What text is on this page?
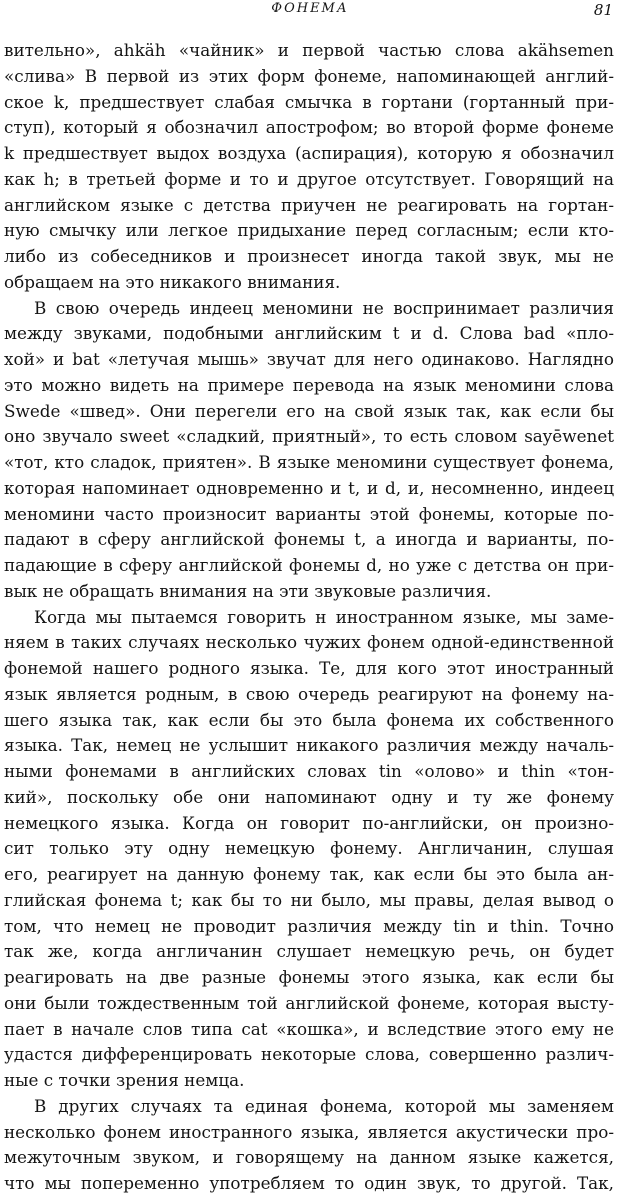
ФОНЕМА	81
вительно», ahkäh «чайник» и первой частью слова akähsemen
«слива» В первой из этих форм фонеме, напоминающей англий-
ское k, предшествует слабая смычка в гортани (гортанный при-
ступ), который я обозначил апострофом; во второй форме фонеме
k предшествует выдох воздуха (аспирация), которую я обозначил
как h; в третьей форме и то и другое отсутствует. Говорящий на
английском языке с детства приучен не реагировать на гортан-
ную смычку или легкое придыхание перед согласным; если кто-
либо из собеседников и произнесет иногда такой звук, мы не
обращаем на это никакого внимания.
В свою очередь индеец меномини не воспринимает различия
между звуками, подобными английским t и d. Слова bad «пло-
хой» и bat «летучая мышь» звучат для него одинаково. Наглядно
это можно видеть на примере перевода на язык меномини слова
Swede «швед». Они перегели его на свой язык так, как если бы
оно звучало sweet «сладкий, приятный», то есть словом sayēwenet
«тот, кто сладок, приятен». В языке меномини существует фонема,
которая напоминает одновременно и t, и d, и, несомненно, индеец
меномини часто произносит варианты этой фонемы, которые по-
падают в сферу английской фонемы t, а иногда и варианты, по-
падающие в сферу английской фонемы d, но уже с детства он при-
вык не обращать внимания на эти звуковые различия.
Когда мы пытаемся говорить н иностранном языке, мы заме-
няем в таких случаях несколько чужих фонем одной-единственной
фонемой нашего родного языка. Те, для кого этот иностранный
язык является родным, в свою очередь реагируют на фонему на-
шего языка так, как если бы это была фонема их собственного
языка. Так, немец не услышит никакого различия между началь-
ными фонемами в английских словах tin «олово» и thin «тон-
кий», поскольку обе они напоминают одну и ту же фонему
немецкого языка. Когда он говорит по-английски, он произно-
сит только эту одну немецкую фонему. Англичанин, слушая
его, реагирует на данную фонему так, как если бы это была ан-
глийская фонема t; как бы то ни было, мы правы, делая вывод о
том, что немец не проводит различия между tin и thin. Точно
так же, когда англичанин слушает немецкую речь, он будет
реагировать на две разные фонемы этого языка, как если бы
они были тождественным той английской фонеме, которая высту-
пает в начале слов типа cat «кошка», и вследствие этого ему не
удастся дифференцировать некоторые слова, совершенно различ-
ные с точки зрения немца.
В других случаях та единая фонема, которой мы заменяем
несколько фонем иностранного языка, является акустически про-
межуточным звуком, и говорящему на данном языке кажется,
что мы попеременно употребляем то один звук, то другой. Так,
